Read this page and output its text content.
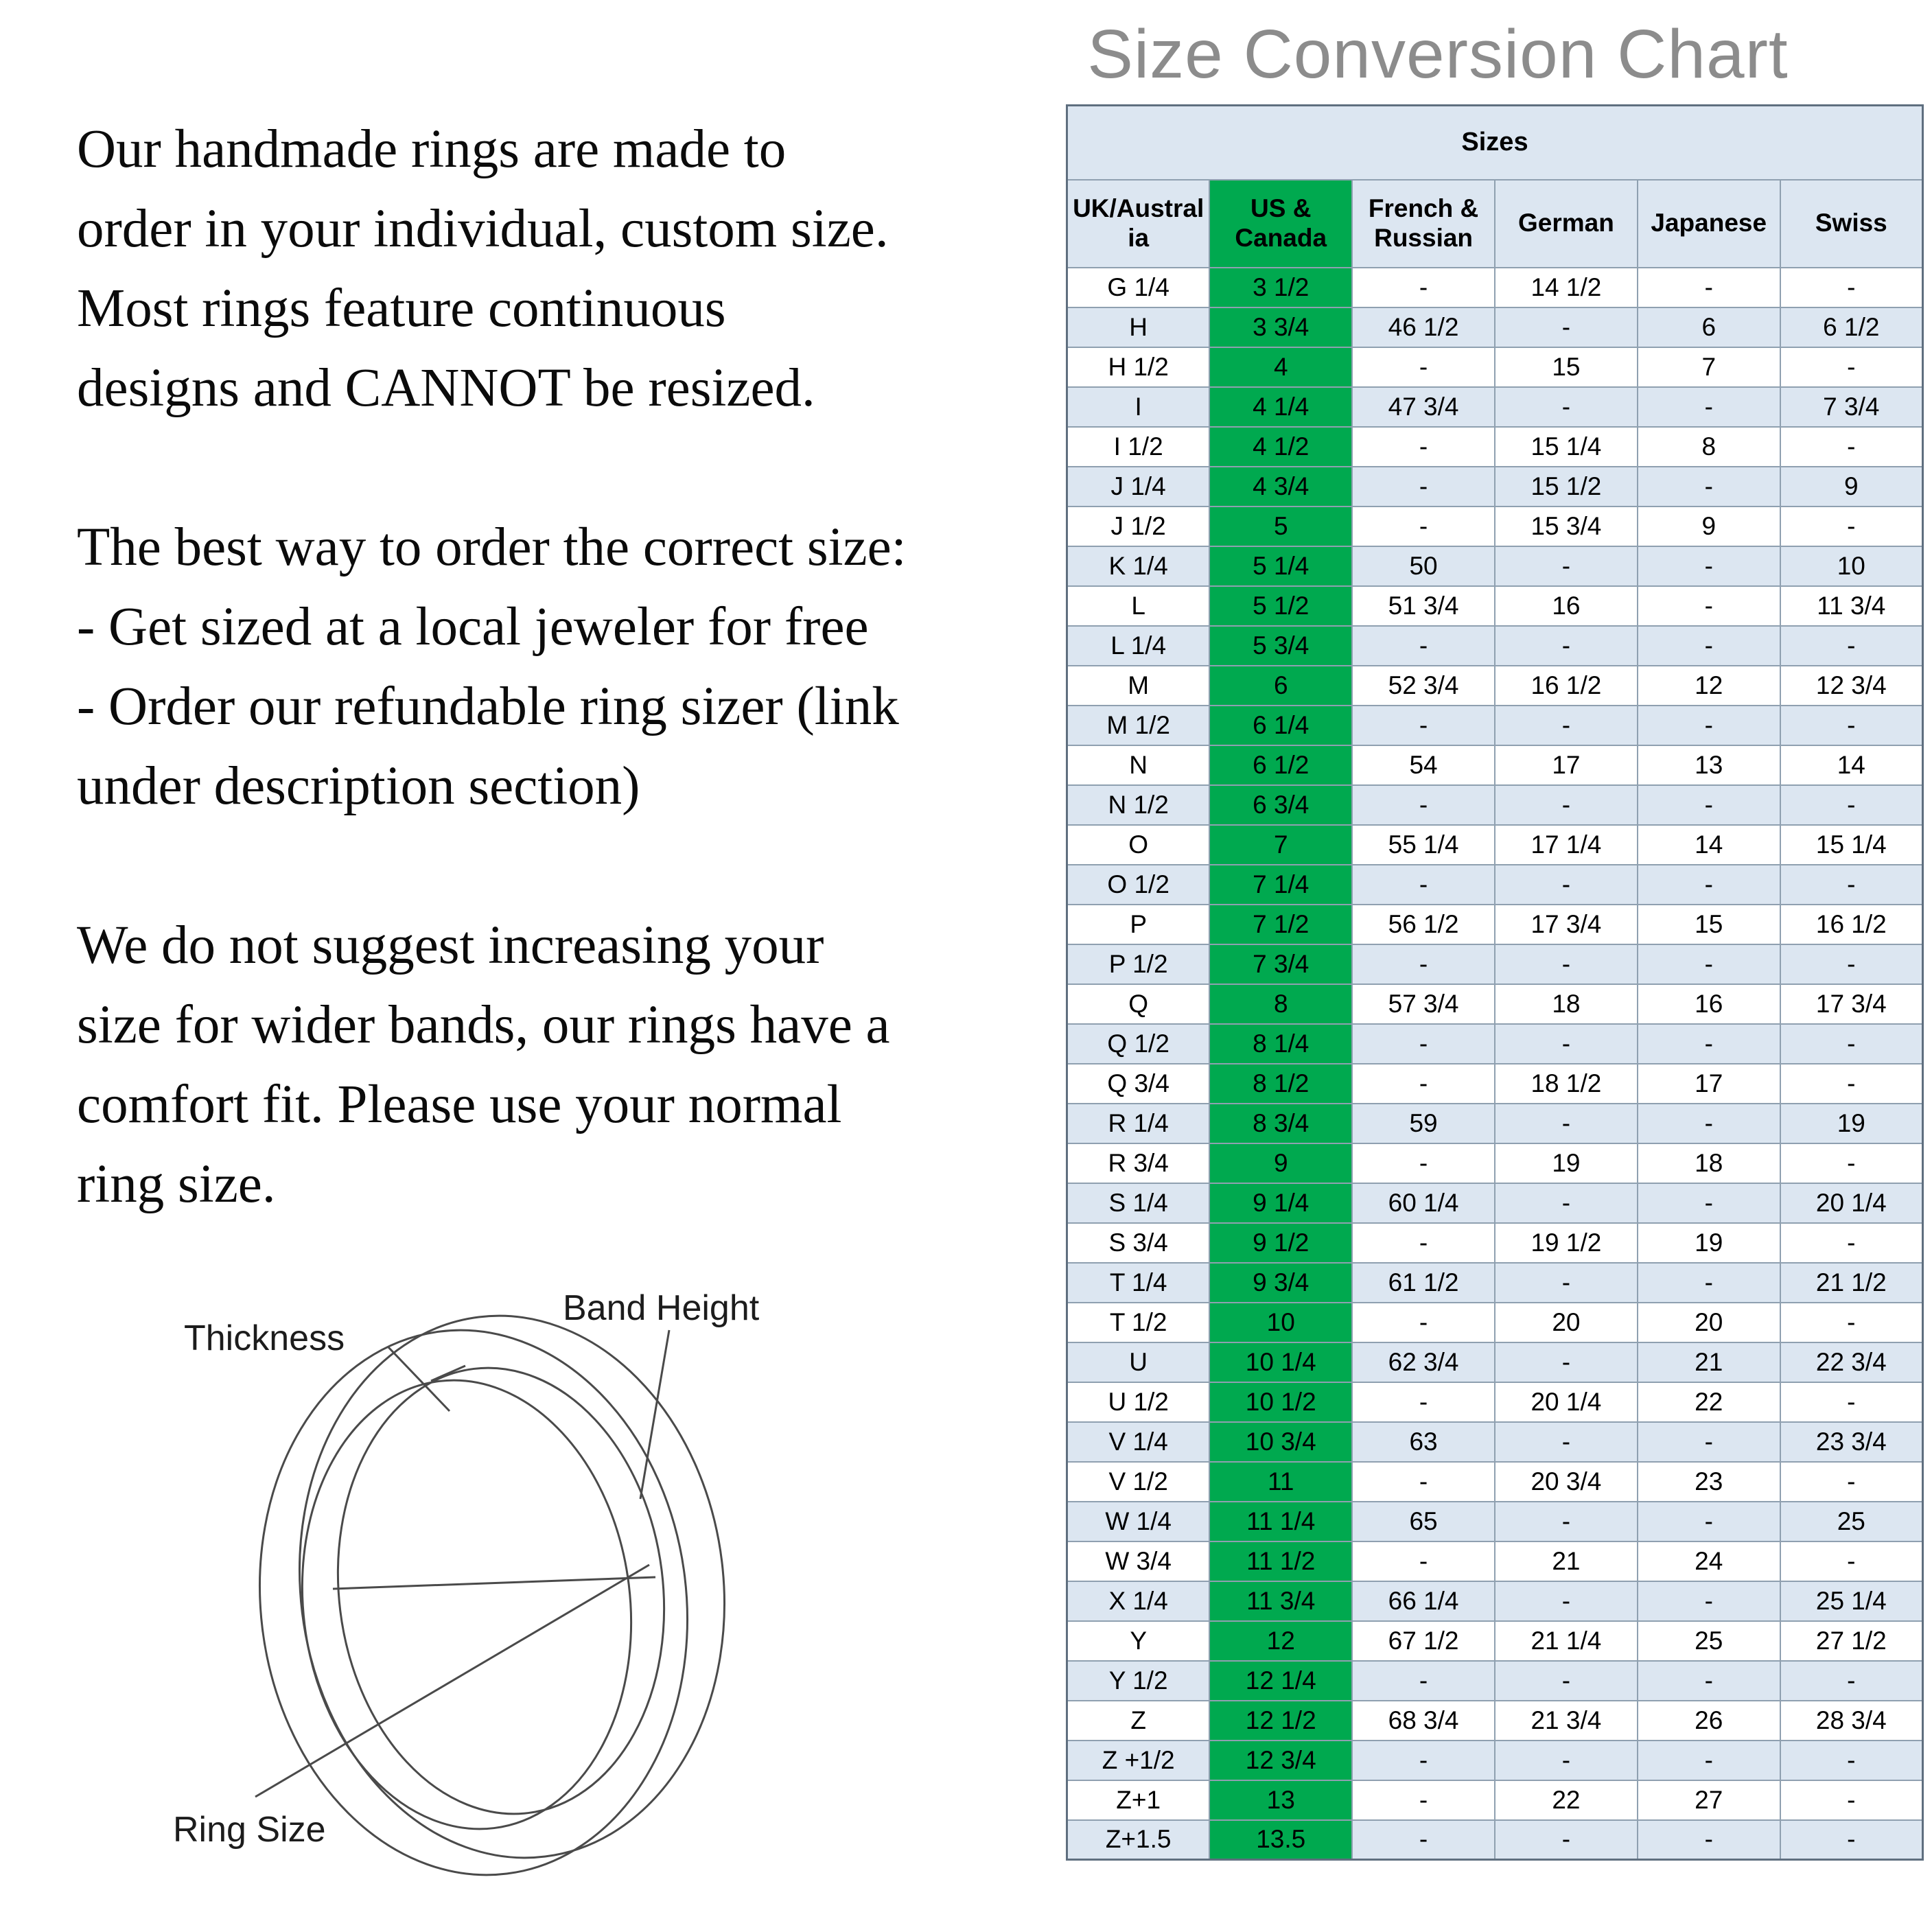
Size Conversion Chart
Our handmade rings are made to
order in your individual, custom size.
Most rings feature continuous
designs and CANNOT be resized.
The best way to order the correct size:
- Get sized at a local jeweler for free
- Order our refundable ring sizer (link
under description section)
We do not suggest increasing your
size for wider bands, our rings have a
comfort fit. Please use your normal
ring size.
Thickness
Band Height
Ring Size
Sizes					
UK/Australia	US & Canada	French & Russian	German	Japanese	Swiss
G 1/4	3 1/2	-	14 1/2	-	-
H	3 3/4	46 1/2	-	6	6 1/2
H 1/2	4	-	15	7	-
I	4 1/4	47 3/4	-	-	7 3/4
I 1/2	4 1/2	-	15 1/4	8	-
J 1/4	4 3/4	-	15 1/2	-	9
J 1/2	5	-	15 3/4	9	-
K 1/4	5 1/4	50	-	-	10
L	5 1/2	51 3/4	16	-	11 3/4
L 1/4	5 3/4	-	-	-	-
M	6	52 3/4	16 1/2	12	12 3/4
M 1/2	6 1/4	-	-	-	-
N	6 1/2	54	17	13	14
N 1/2	6 3/4	-	-	-	-
O	7	55 1/4	17 1/4	14	15 1/4
O 1/2	7 1/4	-	-	-	-
P	7 1/2	56 1/2	17 3/4	15	16 1/2
P 1/2	7 3/4	-	-	-	-
Q	8	57 3/4	18	16	17 3/4
Q 1/2	8 1/4	-	-	-	-
Q 3/4	8 1/2	-	18 1/2	17	-
R 1/4	8 3/4	59	-	-	19
R 3/4	9	-	19	18	-
S 1/4	9 1/4	60 1/4	-	-	20 1/4
S 3/4	9 1/2	-	19 1/2	19	-
T 1/4	9 3/4	61 1/2	-	-	21 1/2
T 1/2	10	-	20	20	-
U	10 1/4	62 3/4	-	21	22 3/4
U 1/2	10 1/2	-	20 1/4	22	-
V 1/4	10 3/4	63	-	-	23 3/4
V 1/2	11	-	20 3/4	23	-
W 1/4	11 1/4	65	-	-	25
W 3/4	11 1/2	-	21	24	-
X 1/4	11 3/4	66 1/4	-	-	25 1/4
Y	12	67 1/2	21 1/4	25	27 1/2
Y 1/2	12 1/4	-	-	-	-
Z	12 1/2	68 3/4	21 3/4	26	28 3/4
Z +1/2	12 3/4	-	-	-	-
Z+1	13	-	22	27	-
Z+1.5	13.5	-	-	-	-
